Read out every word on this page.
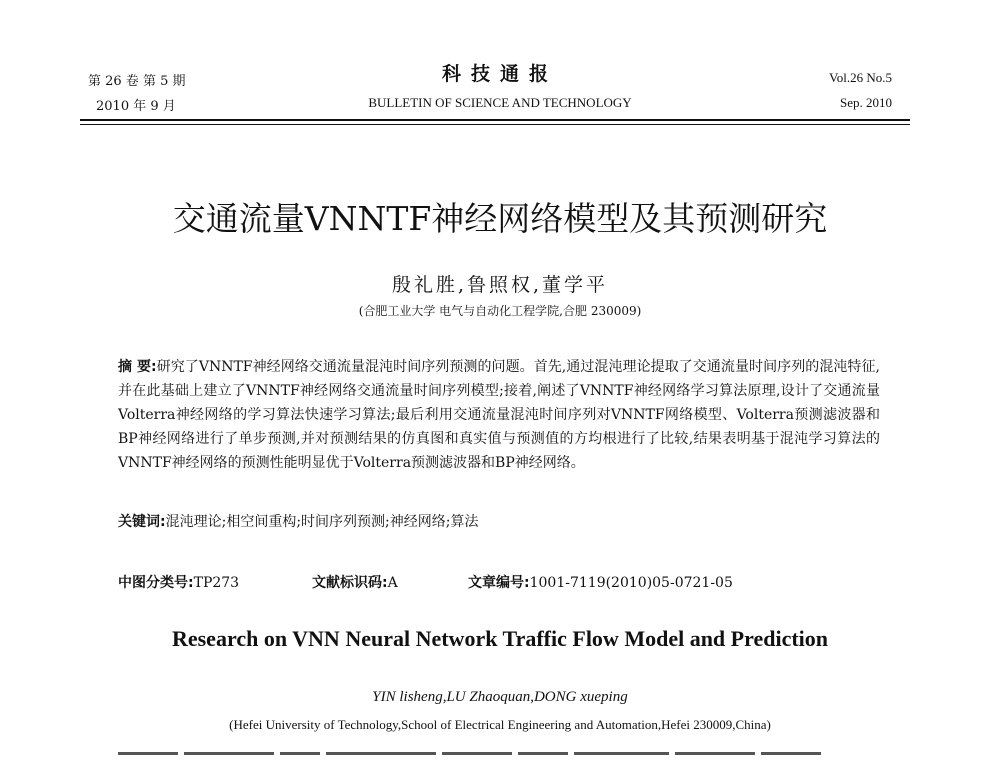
第 26 卷 第 5 期
2010 年 9 月
科技通报
BULLETIN OF SCIENCE AND TECHNOLOGY
Vol.26 No.5
Sep. 2010
交通流量VNNTF神经网络模型及其预测研究
殷礼胜,鲁照权,董学平
(合肥工业大学 电气与自动化工程学院,合肥 230009)
摘 要:研究了VNNTF神经网络交通流量混沌时间序列预测的问题。首先,通过混沌理论提取了交通流量时间序列的混沌特征,并在此基础上建立了VNNTF神经网络交通流量时间序列模型;接着,阐述了VNNTF神经网络学习算法原理,设计了交通流量Volterra神经网络的学习算法快速学习算法;最后利用交通流量混沌时间序列对VNNTF网络模型、Volterra预测滤波器和BP神经网络进行了单步预测,并对预测结果的仿真图和真实值与预测值的方均根进行了比较,结果表明基于混沌学习算法的VNNTF神经网络的预测性能明显优于Volterra预测滤波器和BP神经网络。
关键词:混沌理论;相空间重构;时间序列预测;神经网络;算法
中图分类号:TP273	文献标识码:A	文章编号:1001-7119(2010)05-0721-05
Research on VNN Neural Network Traffic Flow Model and Prediction
YIN lisheng,LU Zhaoquan,DONG xueping
(Hefei University of Technology,School of Electrical Engineering and Automation,Hefei 230009,China)
